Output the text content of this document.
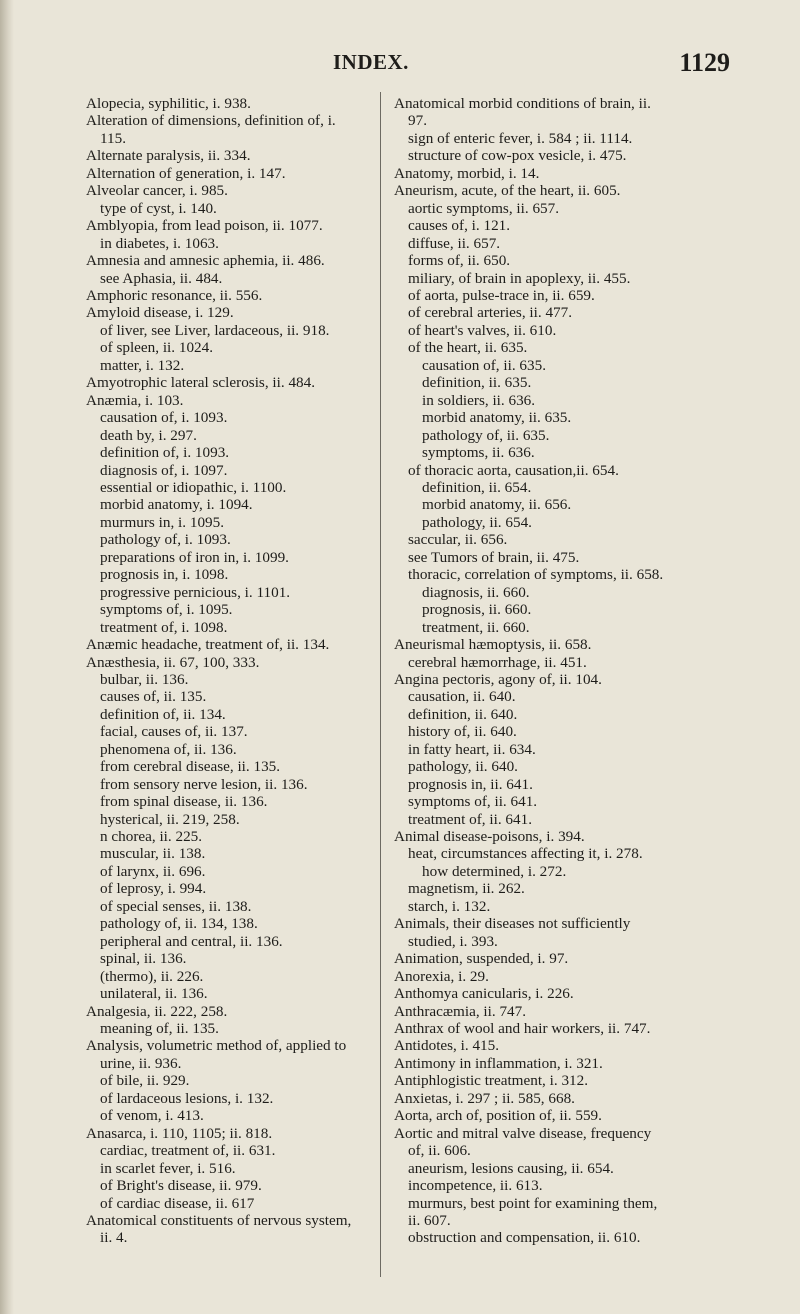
INDEX.	1129
Alopecia, syphilitic, i. 938.
Alteration of dimensions, definition of, i.
115.
Alternate paralysis, ii. 334.
Alternation of generation, i. 147.
Alveolar cancer, i. 985.
type of cyst, i. 140.
Amblyopia, from lead poison, ii. 1077.
in diabetes, i. 1063.
Amnesia and amnesic aphemia, ii. 486.
see Aphasia, ii. 484.
Amphoric resonance, ii. 556.
Amyloid disease, i. 129.
of liver, see Liver, lardaceous, ii. 918.
of spleen, ii. 1024.
matter, i. 132.
Amyotrophic lateral sclerosis, ii. 484.
Anæmia, i. 103.
causation of, i. 1093.
death by, i. 297.
definition of, i. 1093.
diagnosis of, i. 1097.
essential or idiopathic, i. 1100.
morbid anatomy, i. 1094.
murmurs in, i. 1095.
pathology of, i. 1093.
preparations of iron in, i. 1099.
prognosis in, i. 1098.
progressive pernicious, i. 1101.
symptoms of, i. 1095.
treatment of, i. 1098.
Anæmic headache, treatment of, ii. 134.
Anæsthesia, ii. 67, 100, 333.
bulbar, ii. 136.
causes of, ii. 135.
definition of, ii. 134.
facial, causes of, ii. 137.
phenomena of, ii. 136.
from cerebral disease, ii. 135.
from sensory nerve lesion, ii. 136.
from spinal disease, ii. 136.
hysterical, ii. 219, 258.
n chorea, ii. 225.
muscular, ii. 138.
of larynx, ii. 696.
of leprosy, i. 994.
of special senses, ii. 138.
pathology of, ii. 134, 138.
peripheral and central, ii. 136.
spinal, ii. 136.
(thermo), ii. 226.
unilateral, ii. 136.
Analgesia, ii. 222, 258.
meaning of, ii. 135.
Analysis, volumetric method of, applied to
urine, ii. 936.
of bile, ii. 929.
of lardaceous lesions, i. 132.
of venom, i. 413.
Anasarca, i. 110, 1105; ii. 818.
cardiac, treatment of, ii. 631.
in scarlet fever, i. 516.
of Bright's disease, ii. 979.
of cardiac disease, ii. 617
Anatomical constituents of nervous system,
ii. 4.
Anatomical morbid conditions of brain, ii.
97.
sign of enteric fever, i. 584 ; ii. 1114.
structure of cow-pox vesicle, i. 475.
Anatomy, morbid, i. 14.
Aneurism, acute, of the heart, ii. 605.
aortic symptoms, ii. 657.
causes of, i. 121.
diffuse, ii. 657.
forms of, ii. 650.
miliary, of brain in apoplexy, ii. 455.
of aorta, pulse-trace in, ii. 659.
of cerebral arteries, ii. 477.
of heart's valves, ii. 610.
of the heart, ii. 635.
causation of, ii. 635.
definition, ii. 635.
in soldiers, ii. 636.
morbid anatomy, ii. 635.
pathology of, ii. 635.
symptoms, ii. 636.
of thoracic aorta, causation,ii. 654.
definition, ii. 654.
morbid anatomy, ii. 656.
pathology, ii. 654.
saccular, ii. 656.
see Tumors of brain, ii. 475.
thoracic, correlation of symptoms, ii. 658.
diagnosis, ii. 660.
prognosis, ii. 660.
treatment, ii. 660.
Aneurismal hæmoptysis, ii. 658.
cerebral hæmorrhage, ii. 451.
Angina pectoris, agony of, ii. 104.
causation, ii. 640.
definition, ii. 640.
history of, ii. 640.
in fatty heart, ii. 634.
pathology, ii. 640.
prognosis in, ii. 641.
symptoms of, ii. 641.
treatment of, ii. 641.
Animal disease-poisons, i. 394.
heat, circumstances affecting it, i. 278.
how determined, i. 272.
magnetism, ii. 262.
starch, i. 132.
Animals, their diseases not sufficiently
studied, i. 393.
Animation, suspended, i. 97.
Anorexia, i. 29.
Anthomya canicularis, i. 226.
Anthracæmia, ii. 747.
Anthrax of wool and hair workers, ii. 747.
Antidotes, i. 415.
Antimony in inflammation, i. 321.
Antiphlogistic treatment, i. 312.
Anxietas, i. 297 ; ii. 585, 668.
Aorta, arch of, position of, ii. 559.
Aortic and mitral valve disease, frequency
of, ii. 606.
aneurism, lesions causing, ii. 654.
incompetence, ii. 613.
murmurs, best point for examining them,
ii. 607.
obstruction and compensation, ii. 610.
